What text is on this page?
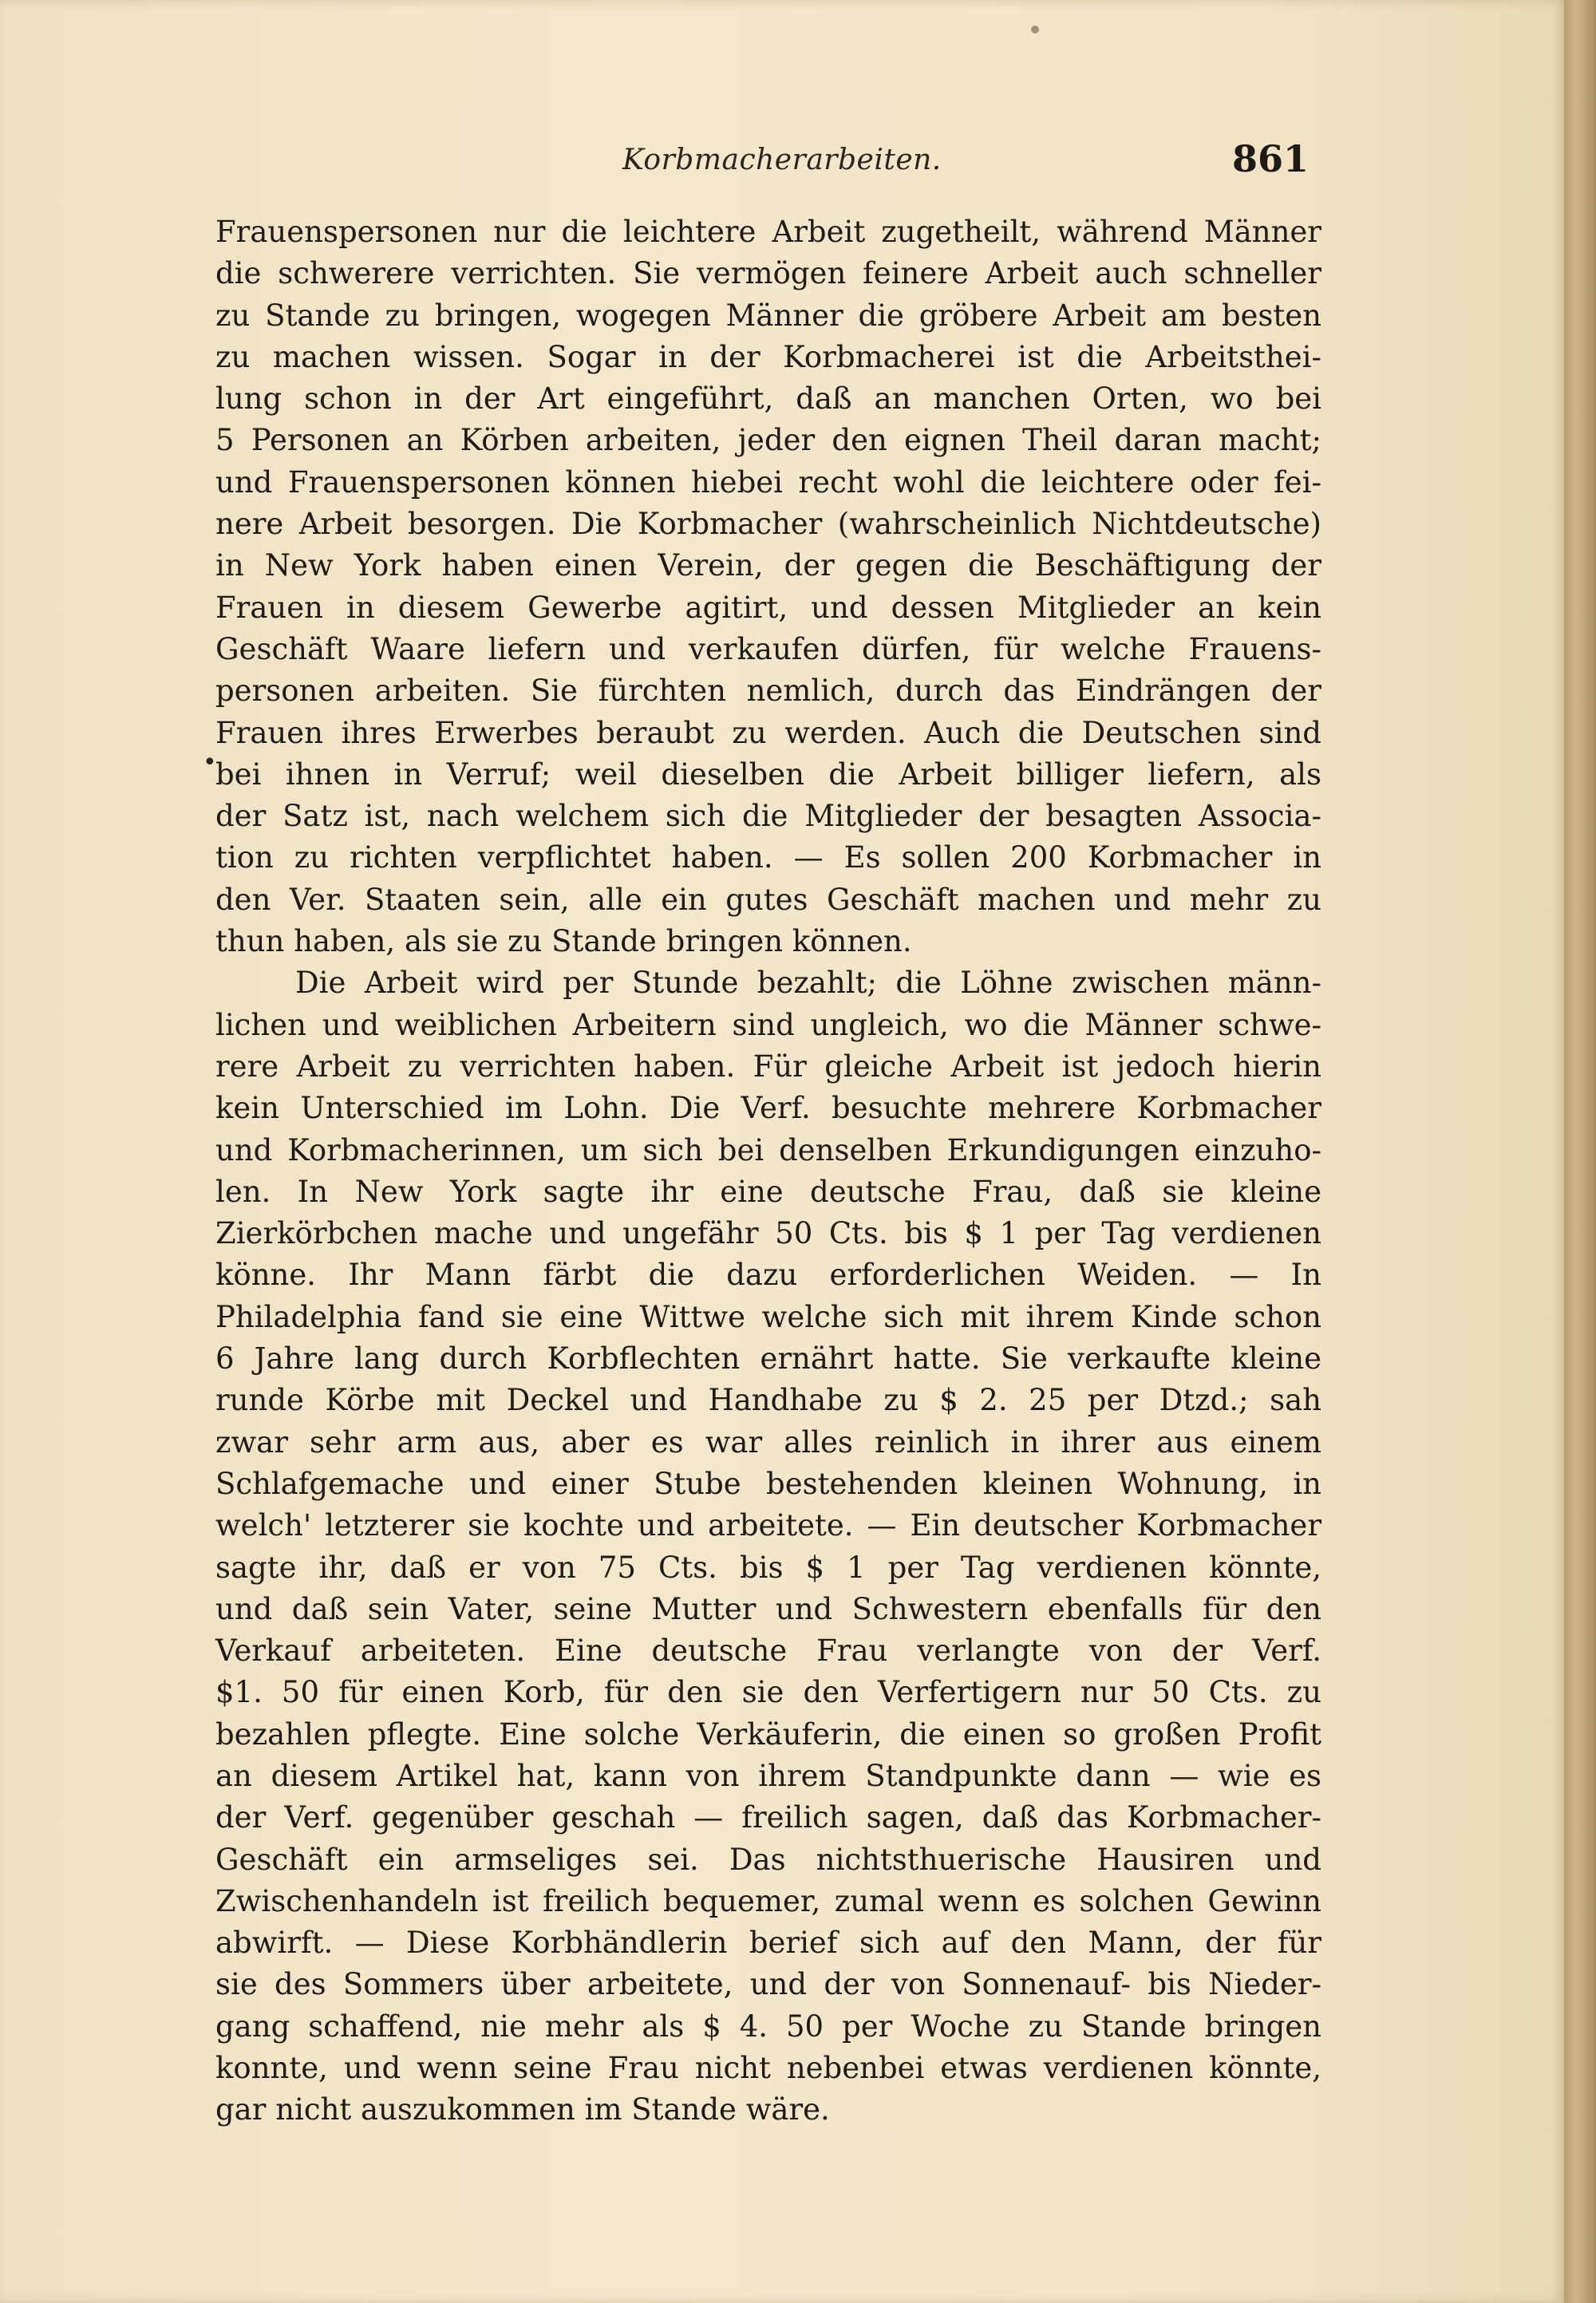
Korbmacherarbeiten.	861
•
Frauenspersonen nur die leichtere Arbeit zugetheilt, während Männer
die schwerere verrichten. Sie vermögen feinere Arbeit auch schneller
zu Stande zu bringen, wogegen Männer die gröbere Arbeit am besten
zu machen wissen. Sogar in der Korbmacherei ist die Arbeitsthei-
lung schon in der Art eingeführt, daß an manchen Orten, wo bei
5 Personen an Körben arbeiten, jeder den eignen Theil daran macht;
und Frauenspersonen können hiebei recht wohl die leichtere oder fei-
nere Arbeit besorgen. Die Korbmacher (wahrscheinlich Nichtdeutsche)
in New York haben einen Verein, der gegen die Beschäftigung der
Frauen in diesem Gewerbe agitirt, und dessen Mitglieder an kein
Geschäft Waare liefern und verkaufen dürfen, für welche Frauens-
personen arbeiten. Sie fürchten nemlich, durch das Eindrängen der
Frauen ihres Erwerbes beraubt zu werden. Auch die Deutschen sind
bei ihnen in Verruf; weil dieselben die Arbeit billiger liefern, als
der Satz ist, nach welchem sich die Mitglieder der besagten Associa-
tion zu richten verpflichtet haben. — Es sollen 200 Korbmacher in
den Ver. Staaten sein, alle ein gutes Geschäft machen und mehr zu
thun haben, als sie zu Stande bringen können.
Die Arbeit wird per Stunde bezahlt; die Löhne zwischen männ-
lichen und weiblichen Arbeitern sind ungleich, wo die Männer schwe-
rere Arbeit zu verrichten haben. Für gleiche Arbeit ist jedoch hierin
kein Unterschied im Lohn. Die Verf. besuchte mehrere Korbmacher
und Korbmacherinnen, um sich bei denselben Erkundigungen einzuho-
len. In New York sagte ihr eine deutsche Frau, daß sie kleine
Zierkörbchen mache und ungefähr 50 Cts. bis $ 1 per Tag verdienen
könne. Ihr Mann färbt die dazu erforderlichen Weiden. — In
Philadelphia fand sie eine Wittwe welche sich mit ihrem Kinde schon
6 Jahre lang durch Korbflechten ernährt hatte. Sie verkaufte kleine
runde Körbe mit Deckel und Handhabe zu $ 2. 25 per Dtzd.; sah
zwar sehr arm aus, aber es war alles reinlich in ihrer aus einem
Schlafgemache und einer Stube bestehenden kleinen Wohnung, in
welch' letzterer sie kochte und arbeitete. — Ein deutscher Korbmacher
sagte ihr, daß er von 75 Cts. bis $ 1 per Tag verdienen könnte,
und daß sein Vater, seine Mutter und Schwestern ebenfalls für den
Verkauf arbeiteten. Eine deutsche Frau verlangte von der Verf.
$1. 50 für einen Korb, für den sie den Verfertigern nur 50 Cts. zu
bezahlen pflegte. Eine solche Verkäuferin, die einen so großen Profit
an diesem Artikel hat, kann von ihrem Standpunkte dann — wie es
der Verf. gegenüber geschah — freilich sagen, daß das Korbmacher-
Geschäft ein armseliges sei. Das nichtsthuerische Hausiren und
Zwischenhandeln ist freilich bequemer, zumal wenn es solchen Gewinn
abwirft. — Diese Korbhändlerin berief sich auf den Mann, der für
sie des Sommers über arbeitete, und der von Sonnenauf- bis Nieder-
gang schaffend, nie mehr als $ 4. 50 per Woche zu Stande bringen
konnte, und wenn seine Frau nicht nebenbei etwas verdienen könnte,
gar nicht auszukommen im Stande wäre.
